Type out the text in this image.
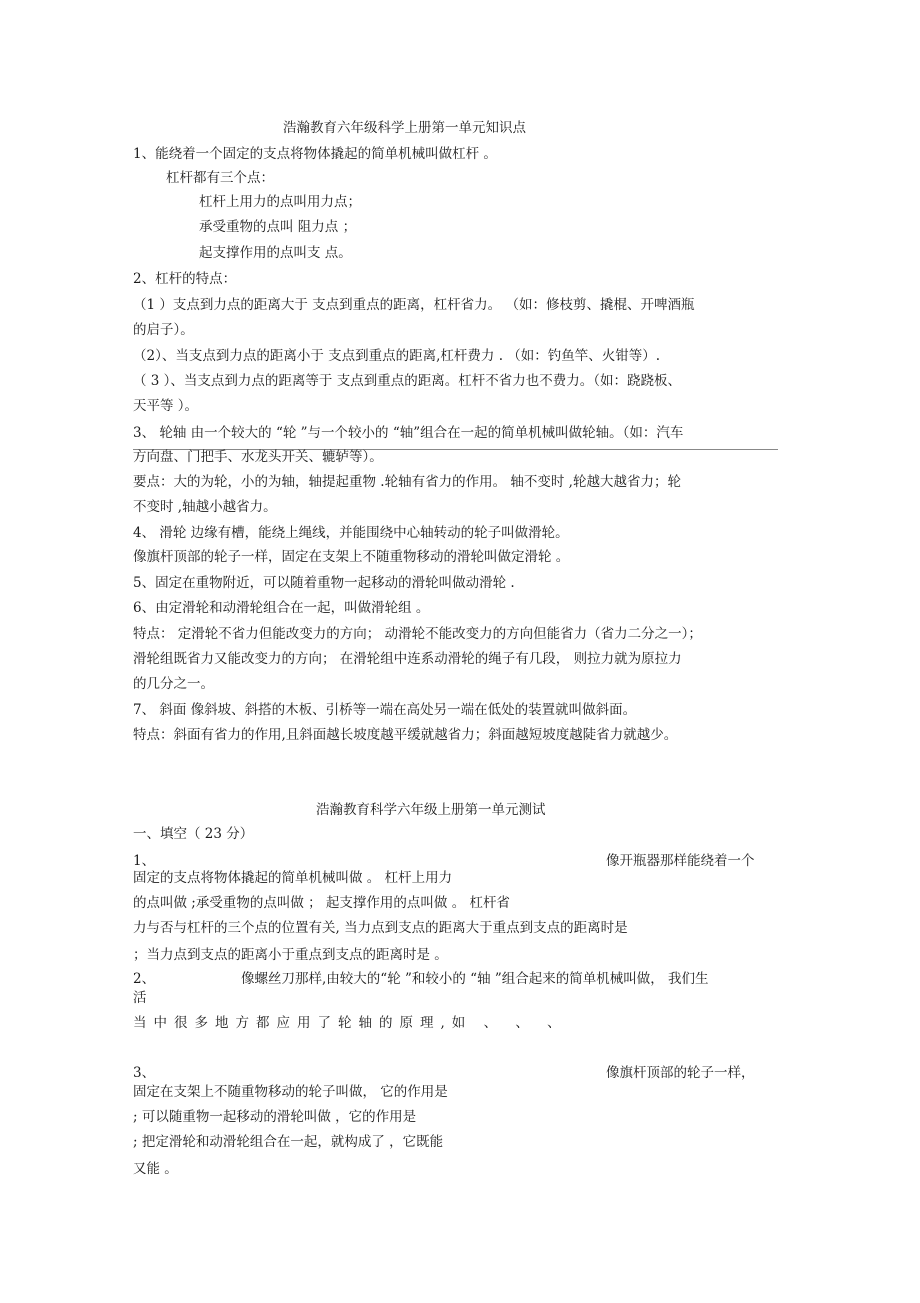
浩瀚教育六年级科学上册第一单元知识点
1、能绕着一个固定的支点将物体撬起的简单机械叫做杠杆 。
杠杆都有三个点：
杠杆上用力的点叫用力点；
承受重物的点叫 阻力点 ；
起支撑作用的点叫支 点。
2、杠杆的特点：
（1 ）支点到力点的距离大于 支点到重点的距离，杠杆省力。 （如：修枝剪、撬棍、开啤酒瓶
的启子）。
（2）、当支点到力点的距离小于 支点到重点的距离,杠杆费力 . （如：钓鱼竿、火钳等）.
（ 3 ）、当支点到力点的距离等于 支点到重点的距离。杠杆不省力也不费力。（如：跷跷板、
天平等 ）。
3、 轮轴 由一个较大的 “轮 ”与一个较小的 “轴”组合在一起的简单机械叫做轮轴。（如：汽车
方向盘、门把手、水龙头开关、辘轳等）。
要点：大的为轮，小的为轴，轴提起重物 .轮轴有省力的作用。 轴不变时 ,轮越大越省力；轮
不变时 ,轴越小越省力。
4、 滑轮 边缘有槽，能绕上绳线，并能围绕中心轴转动的轮子叫做滑轮。
像旗杆顶部的轮子一样，固定在支架上不随重物移动的滑轮叫做定滑轮 。
5、固定在重物附近，可以随着重物一起移动的滑轮叫做动滑轮 .
6、由定滑轮和动滑轮组合在一起，叫做滑轮组 。
特点： 定滑轮不省力但能改变力的方向； 动滑轮不能改变力的方向但能省力（省力二分之一）；
滑轮组既省力又能改变力的方向； 在滑轮组中连系动滑轮的绳子有几段， 则拉力就为原拉力
的几分之一。
7、 斜面 像斜坡、斜搭的木板、引桥等一端在高处另一端在低处的装置就叫做斜面。
特点：斜面有省力的作用,且斜面越长坡度越平缓就越省力；斜面越短坡度越陡省力就越少。
浩瀚教育科学六年级上册第一单元测试
一、填空（ 23 分）
1、	像开瓶器那样能绕着一个
固定的支点将物体撬起的简单机械叫做 。 杠杆上用力
的点叫做 ;承受重物的点叫做 ； 起支撑作用的点叫做 。 杠杆省
力与否与杠杆的三个点的位置有关, 当力点到支点的距离大于重点到支点的距离时是
；当力点到支点的距离小于重点到支点的距离时是 。
2、	像螺丝刀那样,由较大的“轮 ”和较小的 “轴 ”组合起来的简单机械叫做， 我们生
活
当中很多地方都应用了轮轴的原理,如 、 、 、
3、	像旗杆顶部的轮子一样，
固定在支架上不随重物移动的轮子叫做， 它的作用是
; 可以随重物一起移动的滑轮叫做 ，它的作用是
; 把定滑轮和动滑轮组合在一起，就构成了 ，它既能
又能 。
